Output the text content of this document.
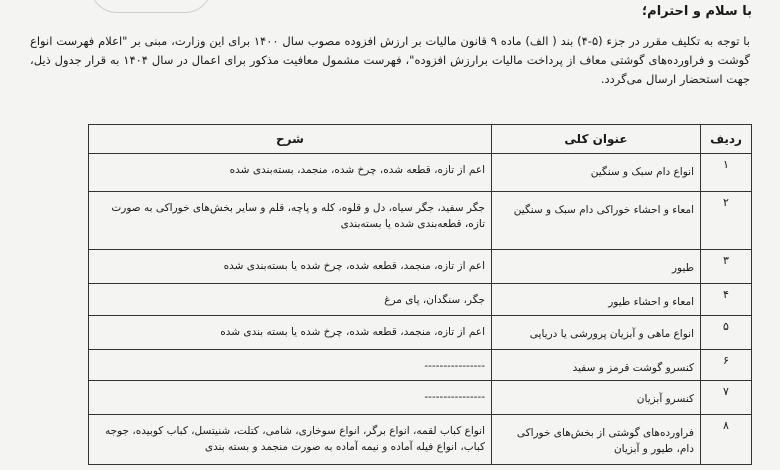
با سلام و احترام؛
با توجه به تکلیف مقرر در جزء (۵-۴) بند ( الف) ماده ۹ قانون مالیات بر ارزش افزوده مصوب سال ۱۴۰۰ برای این وزارت، مبنی بر "اعلام فهرست انواع گوشت و فراورده‌های گوشتی معاف از پرداخت مالیات برارزش افزوده"، فهرست مشمول معافیت مذکور برای اعمال در سال ۱۴۰۴ به قرار جدول ذیل، جهت استحضار ارسال می‌گردد.
ردیف	عنوان کلی	شرح
۱	انواع دام سبک و سنگین	اعم از تازه، قطعه شده، چرخ شده، منجمد، بسته‌بندی شده

۲	امعاء و احشاء خوراکی دام سبک و سنگین	جگر سفید، جگر سیاه، دل و قلوه، کله و پاچه، قلم و سایر بخش‌های خوراکی به صورت تازه، قطعه‌بندی شده یا بسته‌بندی

۳	طیور	اعم از تازه، منجمد، قطعه شده، چرخ شده یا بسته‌بندی شده

۴	امعاء و احشاء طیور	جگر، سنگدان، پای مرغ

۵	انواع ماهی و آبزیان پرورشی یا دریایی	اعم از تازه، منجمد، قطعه شده، چرخ شده یا بسته بندی شده

۶	کنسرو گوشت قرمز و سفید	----------------

۷	کنسرو آبزیان	----------------

۸	فراورده‌های گوشتی از بخش‌های خوراکی دام، طیور و آبزیان	انواع کباب لقمه، انواع برگر، انواع سوخاری، شامی، کتلت، شنیتسل، کباب کوبیده، جوجه کباب، انواع فیله آماده و نیمه آماده به صورت منجمد و بسته بندی
